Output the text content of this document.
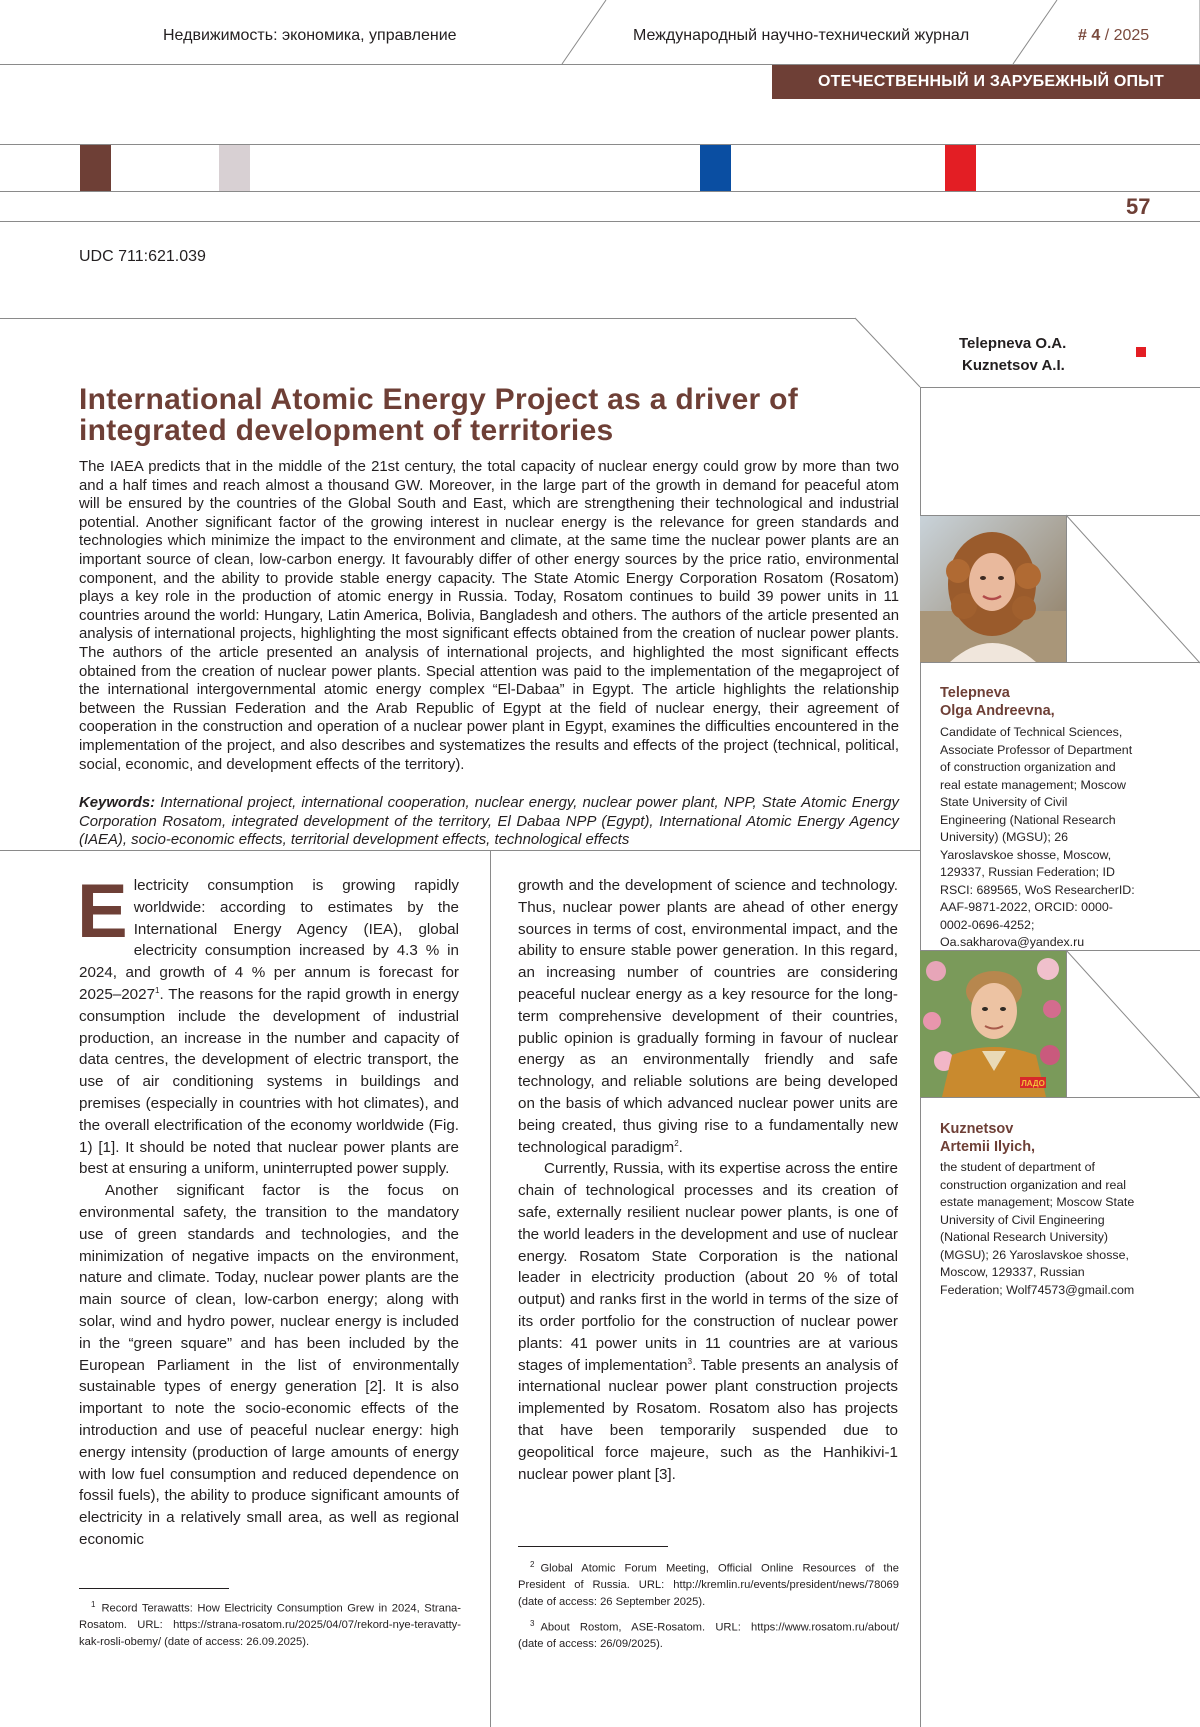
Недвижимость: экономика, управление	Международный научно-технический журнал	# 4 / 2025
ОТЕЧЕСТВЕННЫЙ И ЗАРУБЕЖНЫЙ ОПЫТ
57
UDC 711:621.039
Telepneva O.A.
Kuznetsov A.I.
International Atomic Energy Project as a driver of integrated development of territories

The IAEA predicts that in the middle of the 21st century, the total capacity of nuclear energy could grow by more than two and a half times and reach almost a thousand GW. Moreover, in the large part of the growth in demand for peaceful atom will be ensured by the countries of the Global South and East, which are strengthening their technological and industrial potential. Another significant factor of the growing interest in nuclear energy is the relevance for green standards and technologies which minimize the impact to the environment and climate, at the same time the nuclear power plants are an important source of clean, low-carbon energy. It favourably differ of other energy sources by the price ratio, environmental component, and the ability to provide stable energy capacity. The State Atomic Energy Corporation Rosatom (Rosatom) plays a key role in the production of atomic energy in Russia. Today, Rosatom continues to build 39 power units in 11 countries around the world: Hungary, Latin America, Bolivia, Bangladesh and others. The authors of the article presented an analysis of international projects, highlighting the most significant effects obtained from the creation of nuclear power plants. The authors of the article presented an analysis of international projects, and highlighted the most significant effects obtained from the creation of nuclear power plants. Special attention was paid to the implementation of the megaproject of the international intergovernmental atomic energy complex “El-Dabaa” in Egypt. The article highlights the relationship between the Russian Federation and the Arab Republic of Egypt at the field of nuclear energy, their agreement of cooperation in the construction and operation of a nuclear power plant in Egypt, examines the difficulties encountered in the implementation of the project, and also describes and systematizes the results and effects of the project (technical, political, social, economic, and development effects of the territory).

Keywords: International project, international cooperation, nuclear energy, nuclear power plant, NPP, State Atomic Energy Corporation Rosatom, integrated development of the territory, El Dabaa NPP (Egypt), International Atomic Energy Agency (IAEA), socio-economic effects, territorial development effects, technological effects

Electricity consumption is growing rapidly worldwide: according to estimates by the International Energy Agency (IEA), global electricity consumption increased by 4.3 % in 2024, and growth of 4 % per annum is forecast for 2025–2027$^1$. The reasons for the rapid growth in energy consumption include the development of industrial production, an increase in the number and capacity of data centres, the development of electric transport, the use of air conditioning systems in buildings and premises (especially in countries with hot climates), and the overall electrification of the economy worldwide (Fig. 1) [1]. It should be noted that nuclear power plants are best at ensuring a uniform, uninterrupted power supply.

Another significant factor is the focus on environmental safety, the transition to the mandatory use of green standards and technologies, and the minimization of negative impacts on the environment, nature and climate. Today, nuclear power plants are the main source of clean, low-carbon energy; along with solar, wind and hydro power, nuclear energy is included in the “green square” and has been included by the European Parliament in the list of environmentally sustainable types of energy generation [2]. It is also important to note the socio-economic effects of the introduction and use of peaceful nuclear energy: high energy intensity (production of large amounts of energy with low fuel consumption and reduced dependence on fossil fuels), the ability to produce significant amounts of electricity in a relatively small area, as well as regional economic

growth and the development of science and technology. Thus, nuclear power plants are ahead of other energy sources in terms of cost, environmental impact, and the ability to ensure stable power generation. In this regard, an increasing number of countries are considering peaceful nuclear energy as a key resource for the long-term comprehensive development of their countries, public opinion is gradually forming in favour of nuclear energy as an environmentally friendly and safe technology, and reliable solutions are being developed on the basis of which advanced nuclear power units are being created, thus giving rise to a fundamentally new technological paradigm$^2$.

Currently, Russia, with its expertise across the entire chain of technological processes and its creation of safe, externally resilient nuclear power plants, is one of the world leaders in the development and use of nuclear energy. Rosatom State Corporation is the national leader in electricity production (about 20 % of total output) and ranks first in the world in terms of the size of its order portfolio for the construction of nuclear power plants: 41 power units in 11 countries are at various stages of implementation$^3$. Table presents an analysis of international nuclear power plant construction projects implemented by Rosatom. Rosatom also has projects that have been temporarily suspended due to geopolitical force majeure, such as the Hanhikivi-1 nuclear power plant [3].

$^1$ Record Terawatts: How Electricity Consumption Grew in 2024, Strana-Rosatom. URL: https://strana-rosatom.ru/2025/04/07/rekord-nye-teravatty-kak-rosli-obemy/ (date of access: 26.09.2025).

$^2$ Global Atomic Forum Meeting, Official Online Resources of the President of Russia. URL: http://kremlin.ru/events/president/news/78069 (date of access: 26 September 2025).

$^3$ About Rostom, ASE-Rosatom. URL: https://www.rosatom.ru/about/ (date of access: 26/09/2025).

ЛАДО
Telepneva
Olga Andreevna,
Candidate of Technical Sciences, Associate Professor of Department of construction organization and real estate management; Moscow State University of Civil Engineering (National Research University) (MGSU); 26 Yaroslavskoe shosse, Moscow, 129337, Russian Federation; ID RSCI: 689565, WoS ResearcherID: AAF-9871-2022, ORCID: 0000-0002-0696-4252; Oa.sakharova@yandex.ru
Kuznetsov
Artemii Ilyich,
the student of department of construction organization and real estate management; Moscow State University of Civil Engineering (National Research University) (MGSU); 26 Yaroslavskoe shosse, Moscow, 129337, Russian Federation; Wolf74573@gmail.com
